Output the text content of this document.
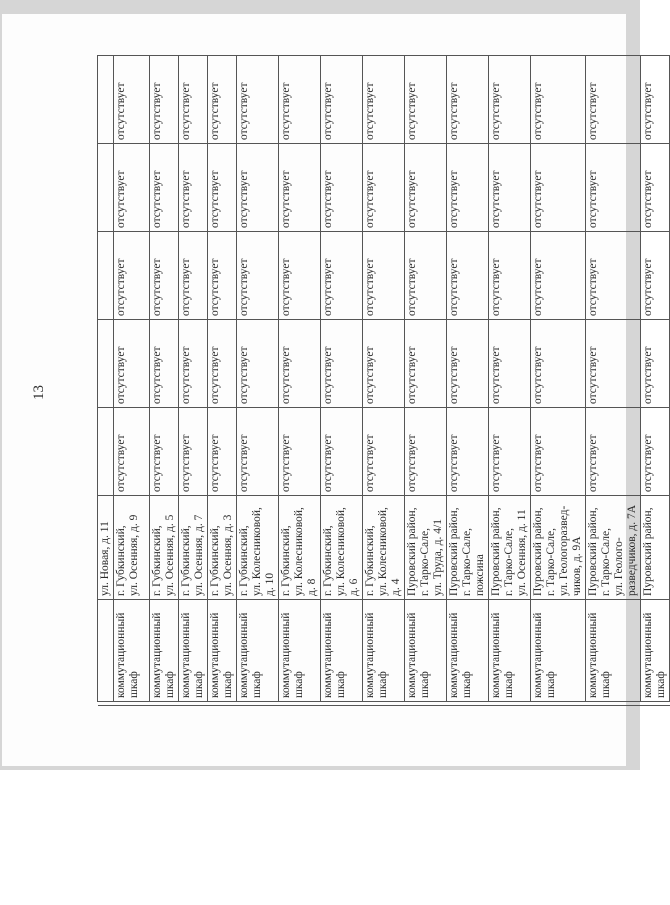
13

		ул. Новая, д. 11					

	коммутационный шкаф	г. Губкинский, ул. Осенняя, д. 9	отсутствует	отсутствует	отсутствует	отсутствует	отсутствует
	коммутационный шкаф	г. Губкинский, ул. Осенняя, д. 5	отсутствует	отсутствует	отсутствует	отсутствует	отсутствует
	коммутационный шкаф	г. Губкинский, ул. Осенняя, д. 7	отсутствует	отсутствует	отсутствует	отсутствует	отсутствует
	коммутационный шкаф	г. Губкинский, ул. Осенняя, д. 3	отсутствует	отсутствует	отсутствует	отсутствует	отсутствует
	коммутационный шкаф	г. Губкинский, ул. Колесниковой, д. 10	отсутствует	отсутствует	отсутствует	отсутствует	отсутствует
	коммутационный шкаф	г. Губкинский, ул. Колесниковой, д. 8	отсутствует	отсутствует	отсутствует	отсутствует	отсутствует
	коммутационный шкаф	г. Губкинский, ул. Колесниковой, д. 6	отсутствует	отсутствует	отсутствует	отсутствует	отсутствует
	коммутационный шкаф	г. Губкинский, ул. Колесниковой, д. 4	отсутствует	отсутствует	отсутствует	отсутствует	отсутствует
	коммутационный шкаф	Пуровский район, г. Тарко-Сале, ул. Труда, д. 4/1	отсутствует	отсутствует	отсутствует	отсутствует	отсутствует
	коммутационный шкаф	Пуровский район, г. Тарко-Сале, пожсина	отсутствует	отсутствует	отсутствует	отсутствует	отсутствует
	коммутационный шкаф	Пуровский район, г. Тарко-Сале, ул. Осенняя, д. 11	отсутствует	отсутствует	отсутствует	отсутствует	отсутствует
	коммутационный шкаф	Пуровский район, г. Тарко-Сале, ул. Геологоразвед- чиков, д. 9А	отсутствует	отсутствует	отсутствует	отсутствует	отсутствует
	коммутационный шкаф	Пуровский район, г. Тарко-Сале, ул. Геолого- разведчиков, д. 7А	отсутствует	отсутствует	отсутствует	отсутствует	отсутствует
	коммутационный шкаф	Пуровский район,	отсутствует	отсутствует	отсутствует	отсутствует	отсутствует
